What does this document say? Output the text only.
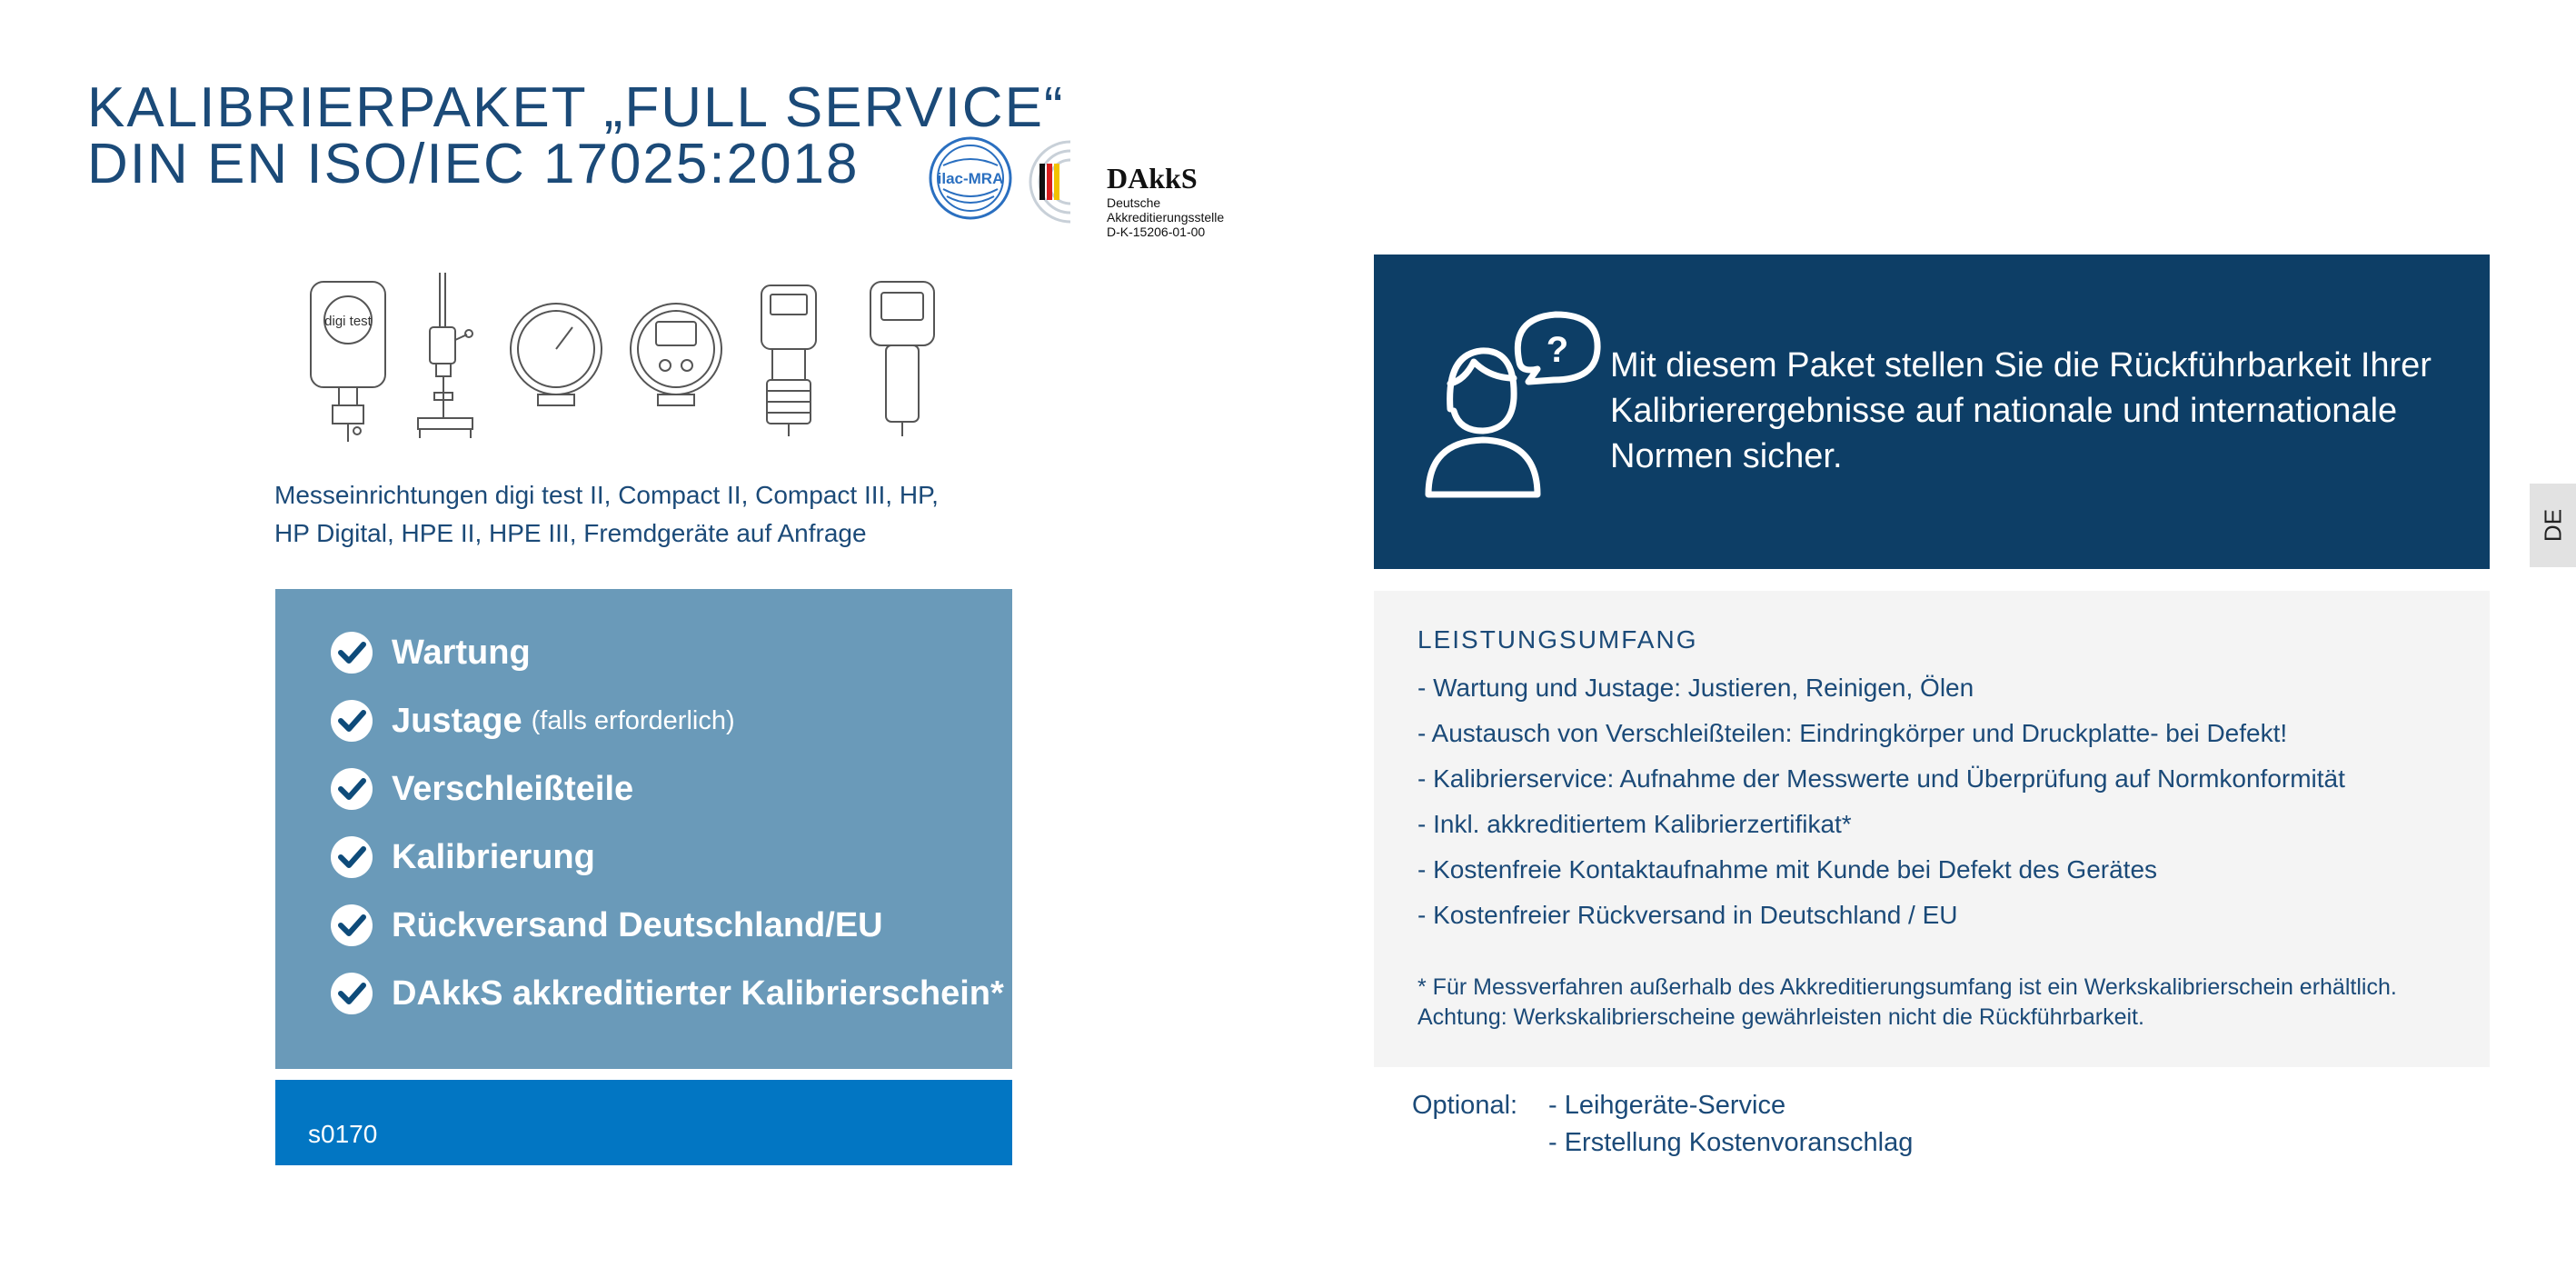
KALIBRIERPAKET „FULL SERVICE“
DIN EN ISO/IEC 17025:2018	ilac-MRA	DAkkS
Deutsche
Akkreditierungsstelle
D-K-15206-01-00
digi test
Messeinrichtungen digi test II, Compact II, Compact III, HP,
HP Digital, HPE II, HPE III, Fremdgeräte auf Anfrage
Wartung
Justage (falls erforderlich)
Verschleißteile
Kalibrierung
Rückversand Deutschland/EU
DAkkS akkreditierter Kalibrierschein*
s0170
? Mit diesem Paket stellen Sie die Rückführbarkeit Ihrer Kalibrierergebnisse auf nationale und internationale Normen sicher.
LEISTUNGSUMFANG
- Wartung und Justage: Justieren, Reinigen, Ölen
- Austausch von Verschleißteilen: Eindringkörper und Druckplatte- bei Defekt!
- Kalibrierservice: Aufnahme der Messwerte und Überprüfung auf Normkonformität
- Inkl. akkreditiertem Kalibrierzertifikat*
- Kostenfreie Kontaktaufnahme mit Kunde bei Defekt des Gerätes
- Kostenfreier Rückversand in Deutschland / EU
* Für Messverfahren außerhalb des Akkreditierungsumfang ist ein Werkskalibrierschein erhältlich.
Achtung: Werkskalibrierscheine gewährleisten nicht die Rückführbarkeit.
Optional: - Leihgeräte-Service
- Erstellung Kostenvoranschlag
DE
